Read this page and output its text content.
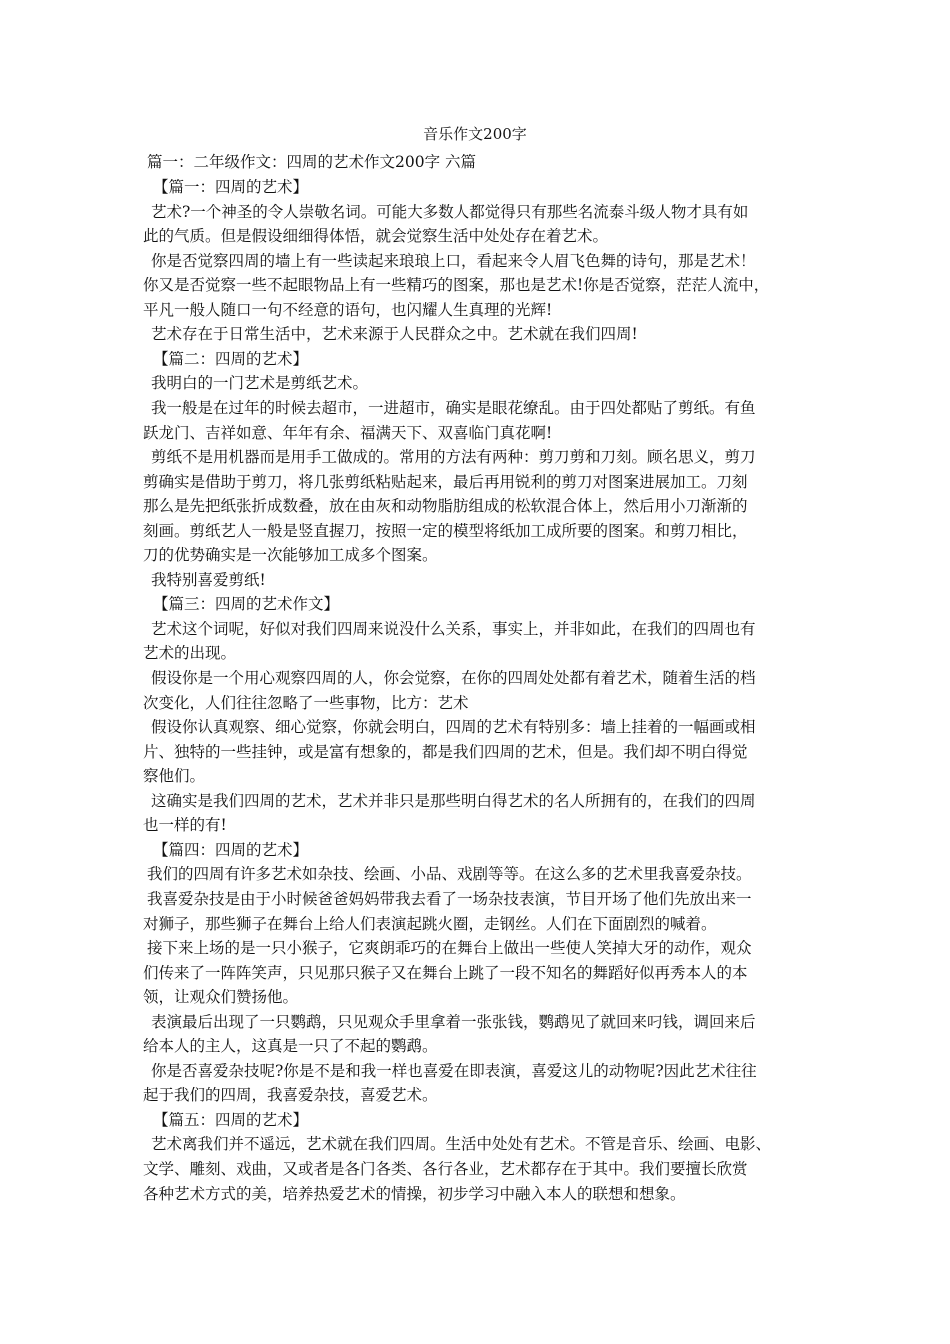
音乐作文200字
篇一：二年级作文：四周的艺术作文200字 六篇
【篇一：四周的艺术】
艺术?一个神圣的令人崇敬名词。可能大多数人都觉得只有那些名流泰斗级人物才具有如
此的气质。但是假设细细得体悟，就会觉察生活中处处存在着艺术。
你是否觉察四周的墙上有一些读起来琅琅上口，看起来令人眉飞色舞的诗句，那是艺术！
你又是否觉察一些不起眼物品上有一些精巧的图案，那也是艺术!你是否觉察，茫茫人流中，
平凡一般人随口一句不经意的语句，也闪耀人生真理的光辉!
艺术存在于日常生活中，艺术来源于人民群众之中。艺术就在我们四周!
【篇二：四周的艺术】
我明白的一门艺术是剪纸艺术。
我一般是在过年的时候去超市，一进超市，确实是眼花缭乱。由于四处都贴了剪纸。有鱼
跃龙门、吉祥如意、年年有余、福满天下、双喜临门真花啊!
剪纸不是用机器而是用手工做成的。常用的方法有两种：剪刀剪和刀刻。顾名思义，剪刀
剪确实是借助于剪刀，将几张剪纸粘贴起来，最后再用锐利的剪刀对图案进展加工。刀刻
那么是先把纸张折成数叠，放在由灰和动物脂肪组成的松软混合体上，然后用小刀渐渐的
刻画。剪纸艺人一般是竖直握刀，按照一定的模型将纸加工成所要的图案。和剪刀相比，
刀的优势确实是一次能够加工成多个图案。
我特别喜爱剪纸!
【篇三：四周的艺术作文】
艺术这个词呢，好似对我们四周来说没什么关系，事实上，并非如此，在我们的四周也有
艺术的出现。
假设你是一个用心观察四周的人，你会觉察，在你的四周处处都有着艺术，随着生活的档
次变化，人们往往忽略了一些事物，比方：艺术
假设你认真观察、细心觉察，你就会明白，四周的艺术有特别多：墙上挂着的一幅画或相
片、独特的一些挂钟，或是富有想象的，都是我们四周的艺术，但是。我们却不明白得觉
察他们。
这确实是我们四周的艺术，艺术并非只是那些明白得艺术的名人所拥有的，在我们的四周
也一样的有!
【篇四：四周的艺术】
我们的四周有许多艺术如杂技、绘画、小品、戏剧等等。在这么多的艺术里我喜爱杂技。
我喜爱杂技是由于小时候爸爸妈妈带我去看了一场杂技表演，节目开场了他们先放出来一
对狮子，那些狮子在舞台上给人们表演起跳火圈，走钢丝。人们在下面剧烈的喊着。
接下来上场的是一只小猴子，它爽朗乖巧的在舞台上做出一些使人笑掉大牙的动作，观众
们传来了一阵阵笑声，只见那只猴子又在舞台上跳了一段不知名的舞蹈好似再秀本人的本
领，让观众们赞扬他。
表演最后出现了一只鹦鹉，只见观众手里拿着一张张钱，鹦鹉见了就回来叼钱，调回来后
给本人的主人，这真是一只了不起的鹦鹉。
你是否喜爱杂技呢?你是不是和我一样也喜爱在即表演，喜爱这儿的动物呢?因此艺术往往
起于我们的四周，我喜爱杂技，喜爱艺术。
【篇五：四周的艺术】
艺术离我们并不遥远，艺术就在我们四周。生活中处处有艺术。不管是音乐、绘画、电影、
文学、雕刻、戏曲，又或者是各门各类、各行各业，艺术都存在于其中。我们要擅长欣赏
各种艺术方式的美，培养热爱艺术的情操，初步学习中融入本人的联想和想象。
